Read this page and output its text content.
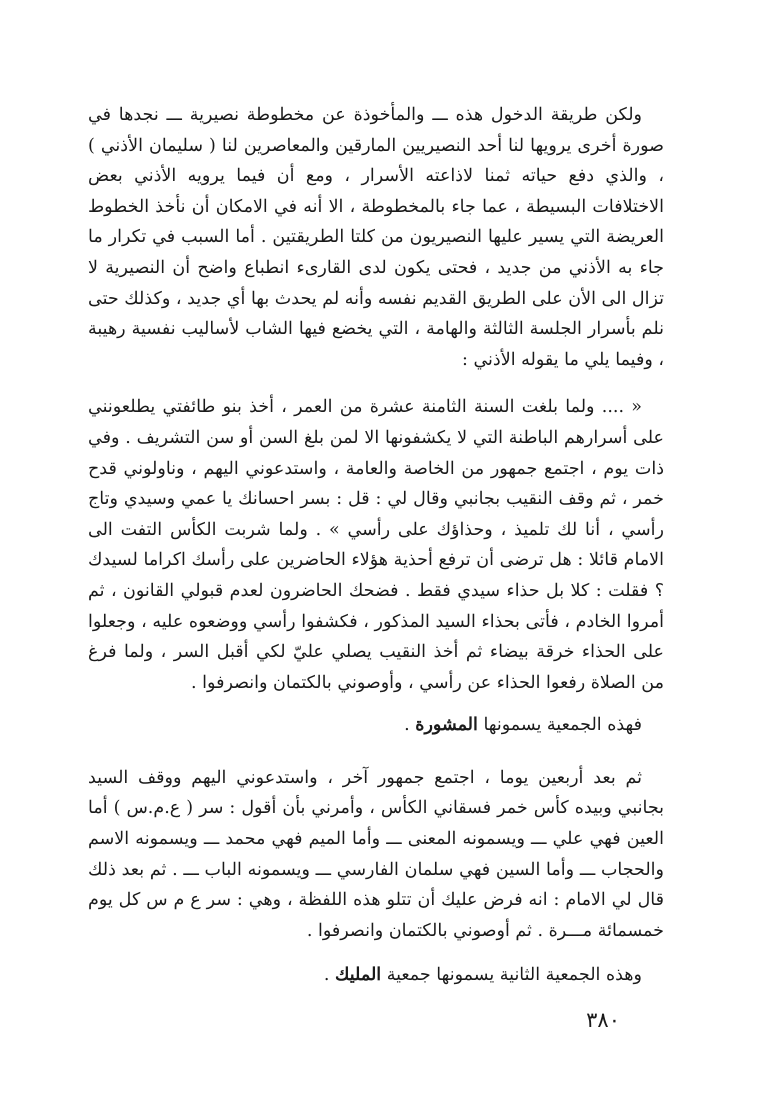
ولكن طريقة الدخول هذه ـــ والمأخوذة عن مخطوطة نصيرية ـــ نجدها في صورة أخرى يرويها لنا أحد النصيريين المارقين والمعاصرين لنا ( سليمان الأذني ) ، والذي دفع حياته ثمنا لاذاعته الأسرار ، ومع أن فيما يرويه الأذني بعض الاختلافات البسيطة ، عما جاء بالمخطوطة ، الا أنه في الامكان أن نأخذ الخطوط العريضة التي يسير عليها النصيريون من كلتا الطريقتين . أما السبب في تكرار ما جاء به الأذني من جديد ، فحتى يكون لدى القارىء انطباع واضح أن النصيرية لا تزال الى الأن على الطريق القديم نفسه وأنه لم يحدث بها أي جديد ، وكذلك حتى نلم بأسرار الجلسة الثالثة والهامة ، التي يخضع فيها الشاب لأساليب نفسية رهيبة ، وفيما يلي ما يقوله الأذني :

« .... ولما بلغت السنة الثامنة عشرة من العمر ، أخذ بنو طائفتي يطلعونني على أسرارهم الباطنة التي لا يكشفونها الا لمن بلغ السن أو سن التشريف . وفي ذات يوم ، اجتمع جمهور من الخاصة والعامة ، واستدعوني اليهم ، وناولوني قدح خمر ، ثم وقف النقيب بجانبي وقال لي : قل : بسر احسانك يا عمي وسيدي وتاج رأسي ، أنا لك تلميذ ، وحذاؤك على رأسي » . ولما شربت الكأس التفت الى الامام قائلا : هل ترضى أن ترفع أحذية هؤلاء الحاضرين على رأسك اكراما لسيدك ؟ فقلت : كلا بل حذاء سيدي فقط . فضحك الحاضرون لعدم قبولي القانون ، ثم أمروا الخادم ، فأتى بحذاء السيد المذكور ، فكشفوا رأسي ووضعوه عليه ، وجعلوا على الحذاء خرقة بيضاء ثم أخذ النقيب يصلي عليّ لكي أقبل السر ، ولما فرغ من الصلاة رفعوا الحذاء عن رأسي ، وأوصوني بالكتمان وانصرفوا .

فهذه الجمعية يسمونها المشورة .

ثم بعد أربعين يوما ، اجتمع جمهور آخر ، واستدعوني اليهم ووقف السيد بجانبي وبيده كأس خمر فسقاني الكأس ، وأمرني بأن أقول : سر ( ع.م.س ) أما العين فهي علي ـــ ويسمونه المعنى ـــ وأما الميم فهي محمد ـــ ويسمونه الاسم والحجاب ـــ وأما السين فهي سلمان الفارسي ـــ ويسمونه الباب ـــ . ثم بعد ذلك قال لي الامام : انه فرض عليك أن تتلو هذه اللفظة ، وهي : سر ع م س كل يوم خمسمائة مـــرة . ثم أوصوني بالكتمان وانصرفوا .

وهذه الجمعية الثانية يسمونها جمعية المليك .

٣٨٠
